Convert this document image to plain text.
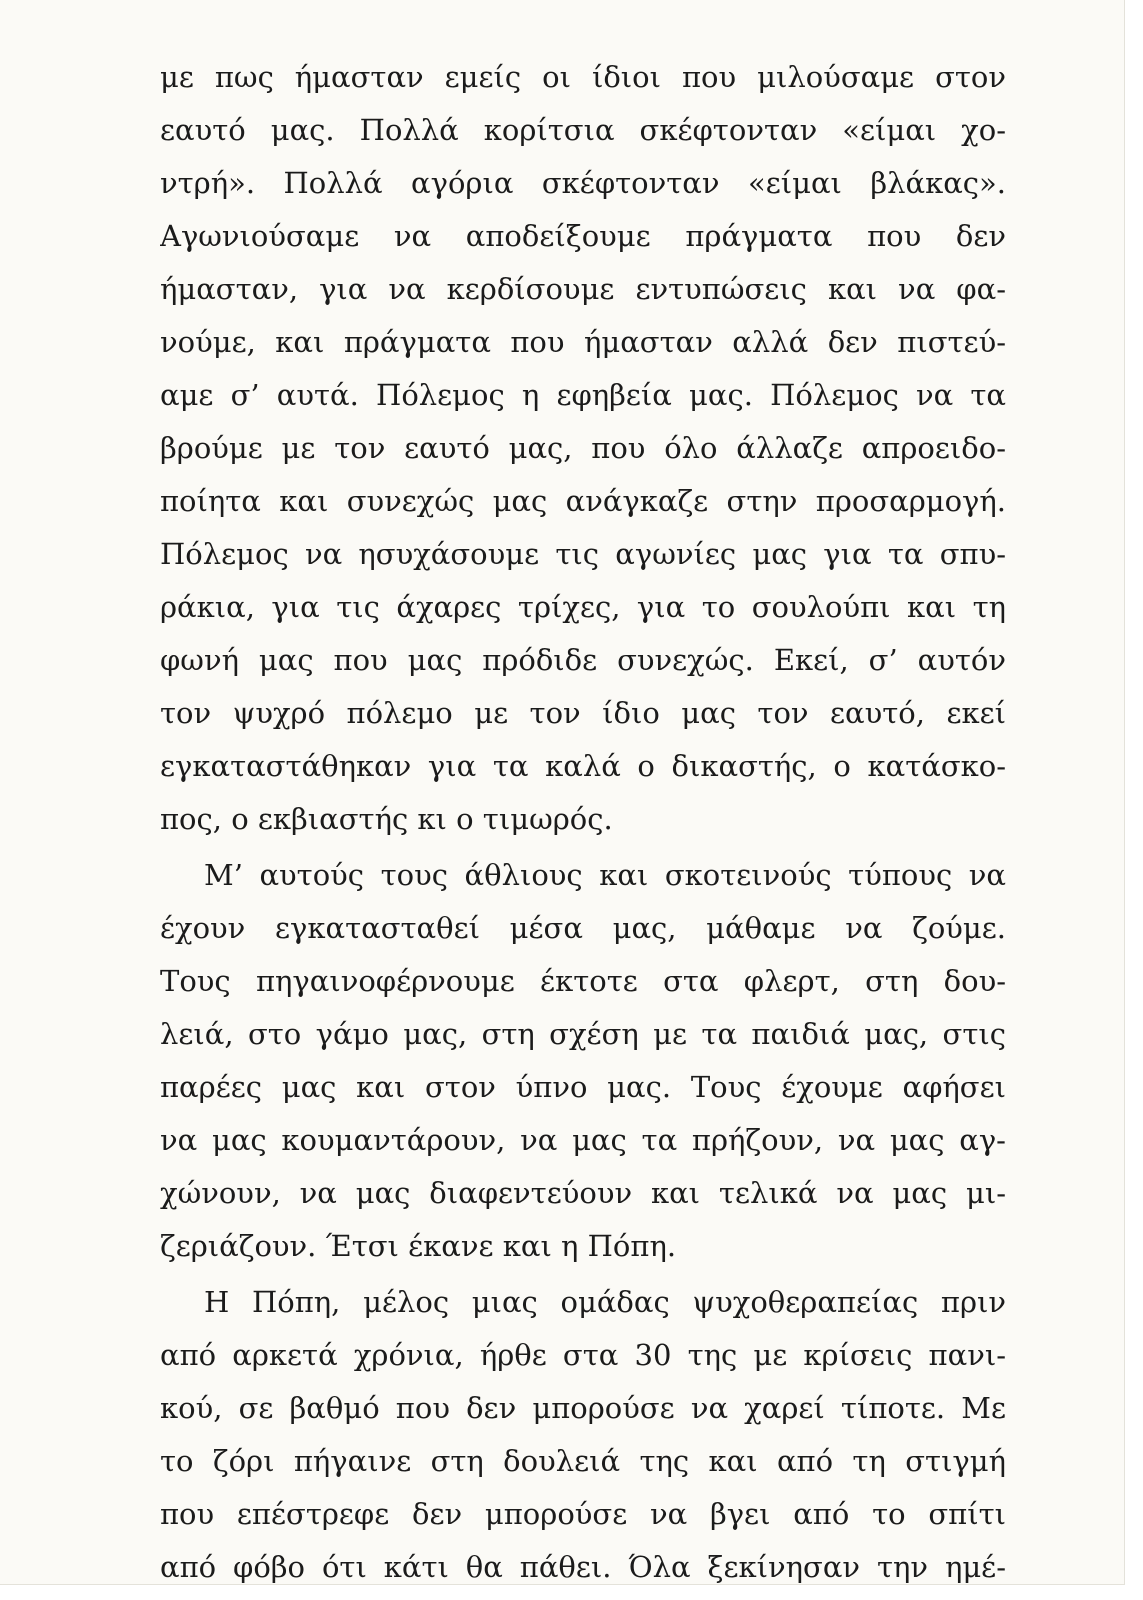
με πως ήμασταν εμείς οι ίδιοι που μιλούσαμε στον
εαυτό μας. Πολλά κορίτσια σκέφτονταν «είμαι χο-
ντρή». Πολλά αγόρια σκέφτονταν «είμαι βλάκας».
Αγωνιούσαμε να αποδείξουμε πράγματα που δεν
ήμασταν, για να κερδίσουμε εντυπώσεις και να φα-
νούμε, και πράγματα που ήμασταν αλλά δεν πιστεύ-
αμε σ’ αυτά. Πόλεμος η εφηβεία μας. Πόλεμος να τα
βρούμε με τον εαυτό μας, που όλο άλλαζε απροειδο-
ποίητα και συνεχώς μας ανάγκαζε στην προσαρμογή.
Πόλεμος να ησυχάσουμε τις αγωνίες μας για τα σπυ-
ράκια, για τις άχαρες τρίχες, για το σουλούπι και τη
φωνή μας που μας πρόδιδε συνεχώς. Εκεί, σ’ αυτόν
τον ψυχρό πόλεμο με τον ίδιο μας τον εαυτό, εκεί
εγκαταστάθηκαν για τα καλά ο δικαστής, ο κατάσκο-
πος, ο εκβιαστής κι ο τιμωρός.
Μ’ αυτούς τους άθλιους και σκοτεινούς τύπους να
έχουν εγκατασταθεί μέσα μας, μάθαμε να ζούμε.
Τους πηγαινοφέρνουμε έκτοτε στα φλερτ, στη δου-
λειά, στο γάμο μας, στη σχέση με τα παιδιά μας, στις
παρέες μας και στον ύπνο μας. Τους έχουμε αφήσει
να μας κουμαντάρουν, να μας τα πρήζουν, να μας αγ-
χώνουν, να μας διαφεντεύουν και τελικά να μας μι-
ζεριάζουν. Έτσι έκανε και η Πόπη.
Η Πόπη, μέλος μιας ομάδας ψυχοθεραπείας πριν
από αρκετά χρόνια, ήρθε στα 30 της με κρίσεις πανι-
κού, σε βαθμό που δεν μπορούσε να χαρεί τίποτε. Με
το ζόρι πήγαινε στη δουλειά της και από τη στιγμή
που επέστρεφε δεν μπορούσε να βγει από το σπίτι
από φόβο ότι κάτι θα πάθει. Όλα ξεκίνησαν την ημέ-
